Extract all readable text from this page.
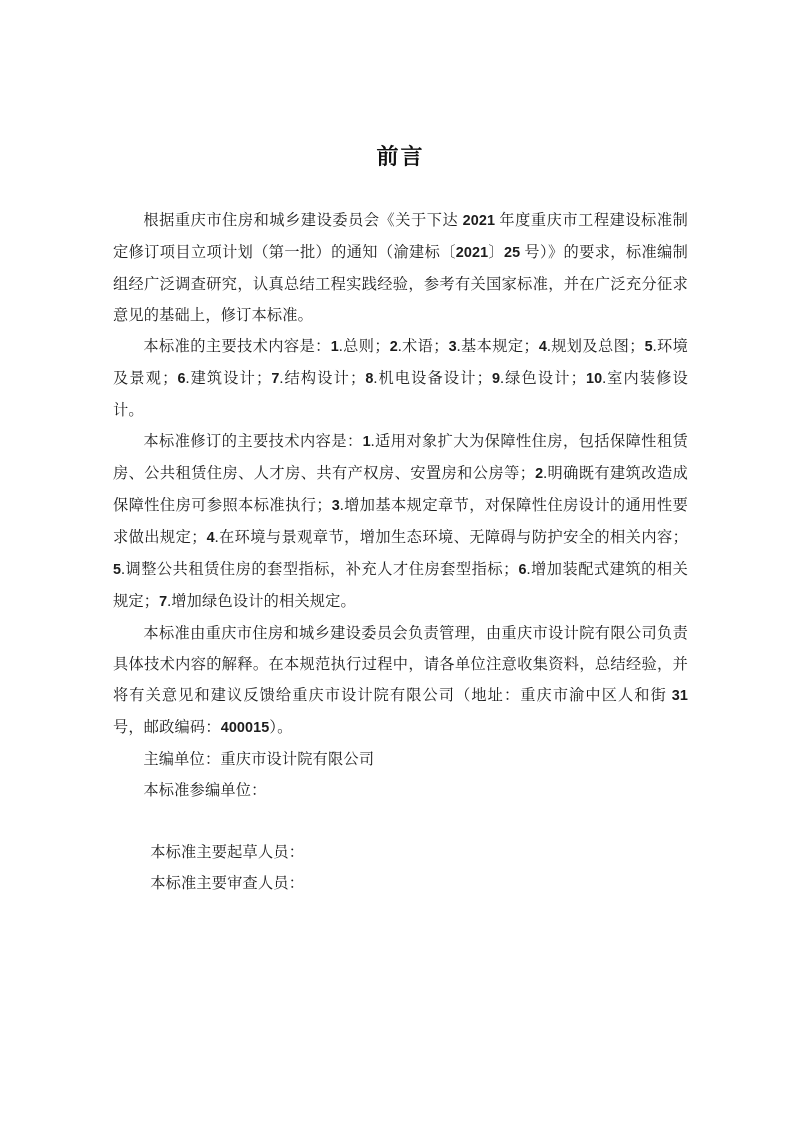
前言

根据重庆市住房和城乡建设委员会《关于下达 2021 年度重庆市工程建设标准制定修订项目立项计划（第一批）的通知（渝建标〔2021〕25 号）》的要求，标准编制组经广泛调查研究，认真总结工程实践经验，参考有关国家标准，并在广泛充分征求意见的基础上，修订本标准。

本标准的主要技术内容是：1.总则；2.术语；3.基本规定；4.规划及总图；5.环境及景观；6.建筑设计；7.结构设计；8.机电设备设计；9.绿色设计；10.室内装修设计。

本标准修订的主要技术内容是：1.适用对象扩大为保障性住房，包括保障性租赁房、公共租赁住房、人才房、共有产权房、安置房和公房等；2.明确既有建筑改造成保障性住房可参照本标准执行；3.增加基本规定章节，对保障性住房设计的通用性要求做出规定；4.在环境与景观章节，增加生态环境、无障碍与防护安全的相关内容；5.调整公共租赁住房的套型指标，补充人才住房套型指标；6.增加装配式建筑的相关规定；7.增加绿色设计的相关规定。

本标准由重庆市住房和城乡建设委员会负责管理，由重庆市设计院有限公司负责具体技术内容的解释。在本规范执行过程中，请各单位注意收集资料，总结经验，并将有关意见和建议反馈给重庆市设计院有限公司（地址：重庆市渝中区人和街 31 号，邮政编码：400015）。

主编单位：重庆市设计院有限公司

本标准参编单位：

本标准主要起草人员：

本标准主要审查人员：
